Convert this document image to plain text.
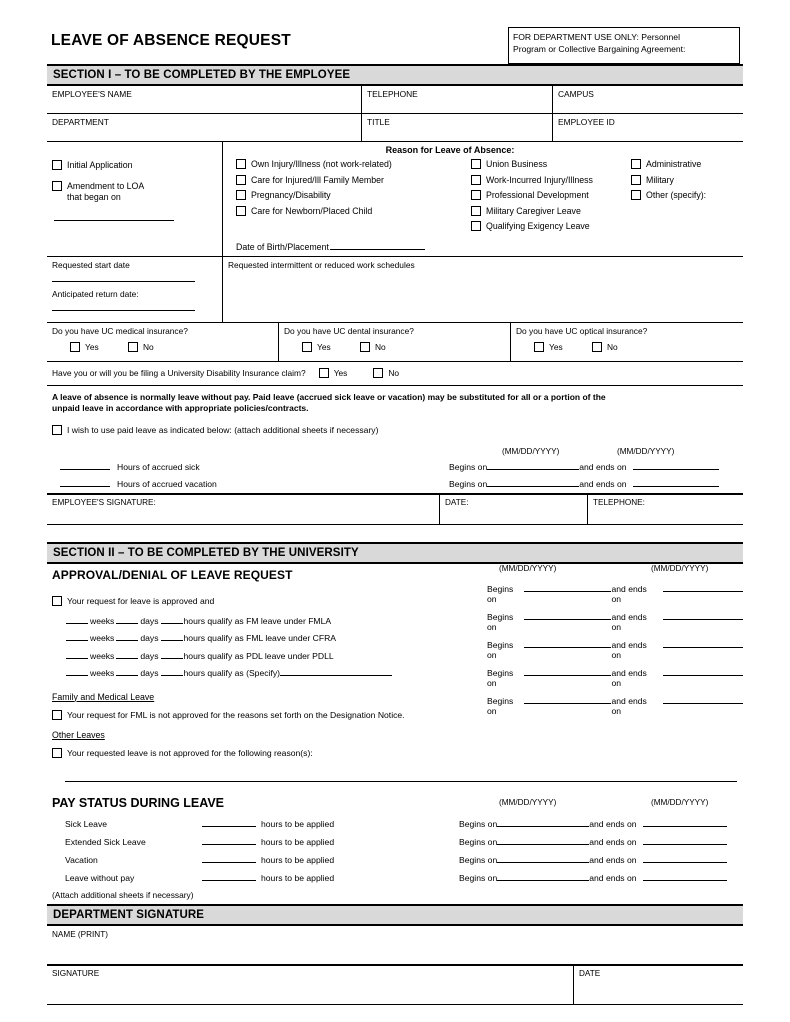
LEAVE OF ABSENCE REQUEST	FOR DEPARTMENT USE ONLY: Personnel
Program or Collective Bargaining Agreement:
SECTION I – TO BE COMPLETED BY THE EMPLOYEE
EMPLOYEE'S NAME	TELEPHONE	CAMPUS
DEPARTMENT	TITLE	EMPLOYEE ID
Initial Application
Amendment to LOA
that began on
Reason for Leave of Absence:
Own Injury/Illness (not work-related)
Care for Injured/Ill Family Member
Pregnancy/Disability
Care for Newborn/Placed Child
Union Business
Work-Incurred Injury/Illness
Professional Development
Military Caregiver Leave
Qualifying Exigency Leave
Administrative
Military
Other (specify):
Date of Birth/Placement
Requested start date
Anticipated return date:
Requested intermittent or reduced work schedules
Do you have UC medical insurance?
Yes	No
Do you have UC dental insurance?
Yes	No
Do you have UC optical insurance?
Yes	No
Have you or will you be filing a University Disability Insurance claim?	Yes	No
A leave of absence is normally leave without pay. Paid leave (accrued sick leave or vacation) may be substituted for all or a portion of the
unpaid leave in accordance with appropriate policies/contracts.
I wish to use paid leave as indicated below: (attach additional sheets if necessary)
(MM/DD/YYYY)	(MM/DD/YYYY)
Hours of accrued sick	Begins on	and ends on
Hours of accrued vacation	Begins on	and ends on
EMPLOYEE'S SIGNATURE:	DATE:	TELEPHONE:
SECTION II – TO BE COMPLETED BY THE UNIVERSITY
APPROVAL/DENIAL OF LEAVE REQUEST	(MM/DD/YYYY)	(MM/DD/YYYY)
Begins on
and ends on
Begins on
and ends on
Begins on
and ends on
Begins on
and ends on
Begins on
and ends on
Your request for leave is approved and
weeks	days	hours qualify as FM leave under FMLA
weeks	days	hours qualify as FML leave under CFRA
weeks	days	hours qualify as PDL leave under PDLL
weeks	days	hours qualify as (Specify)
Family and Medical Leave
Your request for FML is not approved for the reasons set forth on the Designation Notice.
Other Leaves
Your requested leave is not approved for the following reason(s):
PAY STATUS DURING LEAVE	(MM/DD/YYYY)	(MM/DD/YYYY)
Sick Leave	hours to be applied	Begins on	and ends on
Extended Sick Leave	hours to be applied	Begins on	and ends on
Vacation	hours to be applied	Begins on	and ends on
Leave without pay	hours to be applied	Begins on	and ends on
(Attach additional sheets if necessary)
DEPARTMENT SIGNATURE
NAME (PRINT)
SIGNATURE	DATE
